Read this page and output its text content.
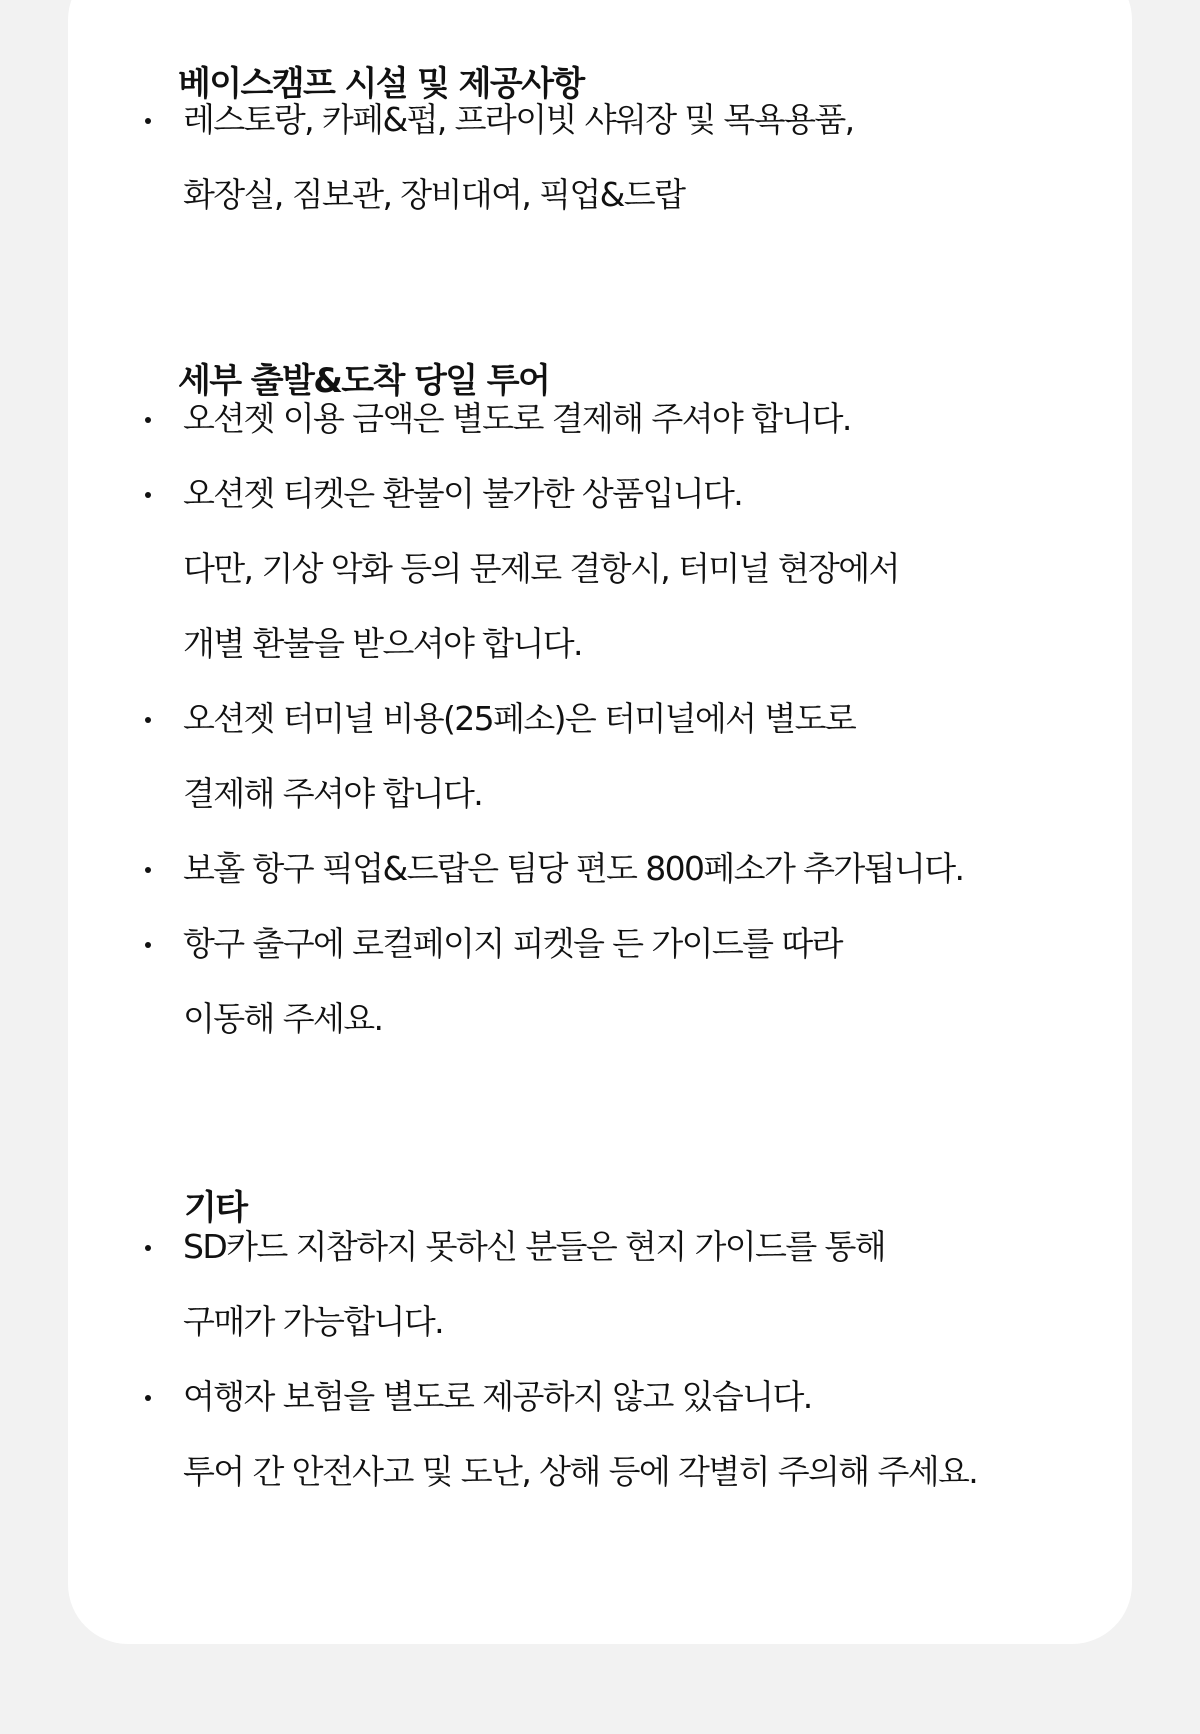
베이스캠프 시설 및 제공사항
레스토랑, 카페&펍, 프라이빗 샤워장 및 목욕용품,
화장실, 짐보관, 장비대여, 픽업&드랍
세부 출발&도착 당일 투어
오션젯 이용 금액은 별도로 결제해 주셔야 합니다.
오션젯 티켓은 환불이 불가한 상품입니다.
다만, 기상 악화 등의 문제로 결항시, 터미널 현장에서
개별 환불을 받으셔야 합니다.
오션젯 터미널 비용(25페소)은 터미널에서 별도로
결제해 주셔야 합니다.
보홀 항구 픽업&드랍은 팀당 편도 800페소가 추가됩니다.
항구 출구에 로컬페이지 피켓을 든 가이드를 따라
이동해 주세요.
기타
SD카드 지참하지 못하신 분들은 현지 가이드를 통해
구매가 가능합니다.
여행자 보험을 별도로 제공하지 않고 있습니다.
투어 간 안전사고 및 도난, 상해 등에 각별히 주의해 주세요.
